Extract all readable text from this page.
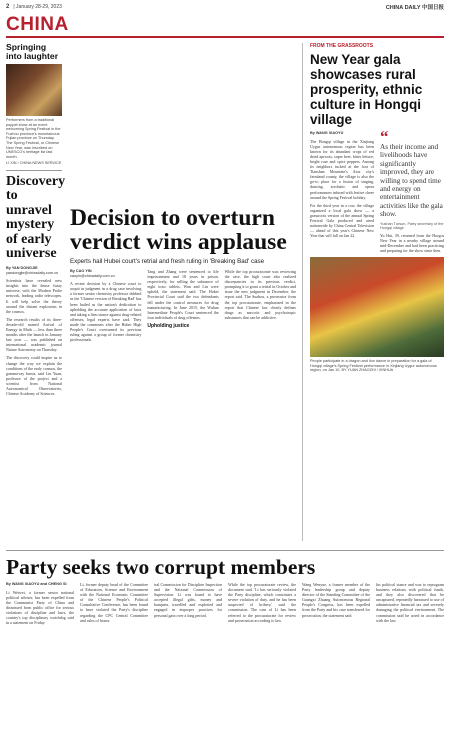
2 | January 28-29, 2023	CHINA DAILY 中国日报
CHINA
Springing into laughter
Performers from a traditional puppet show at an event welcoming Spring Festival in the Fuzhou province's mountainous Fujian province on Thursday. The Spring Festival, or Chinese New Year, was inscribed on UNESCO's heritage list last month.
LI XIN / CHINA NEWS SERVICE
Discovery to unravel mystery of early universe
By YAN DONGJIE
yandongjie@chinadaily.com.cn

Scientists have revealed new insights into the dense fuzzy universe, with the Modern Probe network, leading radio telescopes. It will help solve the theory around the distant explosions in the cosmos.

The research results of its three-decade-old named Arrival of Energy in Math — less than three months after the launch in January last year — was published on international academic journal Nature Astronomy on Thursday.

The discovery could inspire us to change the way we explain the conditions of the early cosmos, the gamma-ray bursts, said Lin Yuan, professor of the project and a scientist from National Astronomical Observatories, Chinese Academy of Sciences.

Decision to overturn verdict wins applause
Experts hail Hubei court's retrial and fresh ruling in 'Breaking Bad' case
By CAO YIN
caoyin@chinadaily.com.cn

A recent decision by a Chinese court to acquit in judgment in a drug case involving a former senior chemistry professor dubbed as the 'Chinese version of Breaking Bad' has been hailed as the nation's dedication to upholding the accurate application of laws and taking a firm stance against drug-related offenses, legal experts have said. They made the comments after the Hubei High People's Court overturned its previous ruling against a group of former chemistry professionals.

Tang and Zhang were sentenced to life imprisonment and 18 years in prison, respectively, for selling the substance of eight toxic tablets. Wan and Lin were upheld, the statement said. The Hubei Provincial Court said the two defendants fell under the control measures for drug manufacturing. In June 2015, the Wuhan Intermediate People's Court sentenced the four individuals of drug offenses.

Upholding justice

While the top procuratorate was reviewing the case, the high court also realized discrepancies in its previous verdict, prompting it to grant a retrial in October and issue the new judgment in December, the report said. The Suzhou, a prosecutor from the top procuratorate, emphasized in the report that Chinese law clearly defines drugs as narcotic and psychotropic substances that can be addictive.

FROM THE GRASSROOTS
New Year gala showcases rural prosperity, ethnic culture in Hongqi village
By WANG XIAOYU

The Hongqi village in the Xinjiang Uygur autonomous region has been known for its abundant crops of red dried apricots, super beet, bitter lettuce, bright rose and spice peppers. Among its neighbors tucked at the foot of Tianshan Mountain's Atoz city's farmland county, the village is also the go-to place for a fusion of singing, dancing, acrobatic and opera performances infused with festive cheer around the Spring Festival holiday.

For the third year in a row, the village organized a local gala show — a grassroots version of the annual Spring Festival Gala produced and aired nationwide by China Central Television — ahead of this year's Chinese New Year that will fall on Jan 22.

“
As their income and livelihoods have significantly improved, they are willing to spend time and energy on entertainment activities like the gala show.
Yushan Tursun, Party secretary of the Hongqi village

Yu Hui, 39, returned from the Horgos New Year in a nearby village around mid-December and had been practicing and preparing for the show since then.

People participate in a dragon and lion dance in preparation for a gala of Hongqi village's Spring Festival performance in Xinjiang Uygur autonomous region, on Jan 10. BY YUAN ZHAOZHI / XINHUA
Party seeks two corrupt members
By WANG XIAOYU and CHENG SI

Li Weiwei, a former senior national political adviser, has been expelled from the Communist Party of China and dismissed from public office for serious violations of discipline and laws, the country's top disciplinary watchdog said in a statement on Friday.

Li, former deputy head of the Committee of Education, Science and Environment with the National Economic Committee of the Chinese People's Political Consultative Conference, has been found to have violated the Party's discipline regarding the CPC Central Committee and rules of honor.

tral Commission for Discipline Inspection and the National Commission of Supervision. Li was found to have accepted illegal gifts, money and banquets, travelled and exploited and engaged in improper practices for personal gain over a long period.

While the top procuratorate review, the document said. 'Li has seriously violated the Party discipline, which constitutes a severe violation of duty, and he has been suspected of bribery,' said the commission. The case of Li has been referred to the procuratorate for review and prosecution according to law.

Wang Wenyue, a former member of the Party leadership group and deputy director of the Standing Committee of the Guangxi Zhuang Autonomous Regional People's Congress, has been expelled from the Party and his case transferred for prosecution, the statement said.

his political stance and was to reprogram business relations with political funds, and they also discovered that he uncaptured, repeatedly harrassed to use of administrative financial tax and severely damaging the political environment. The commission said he acted in accordance with the law.
